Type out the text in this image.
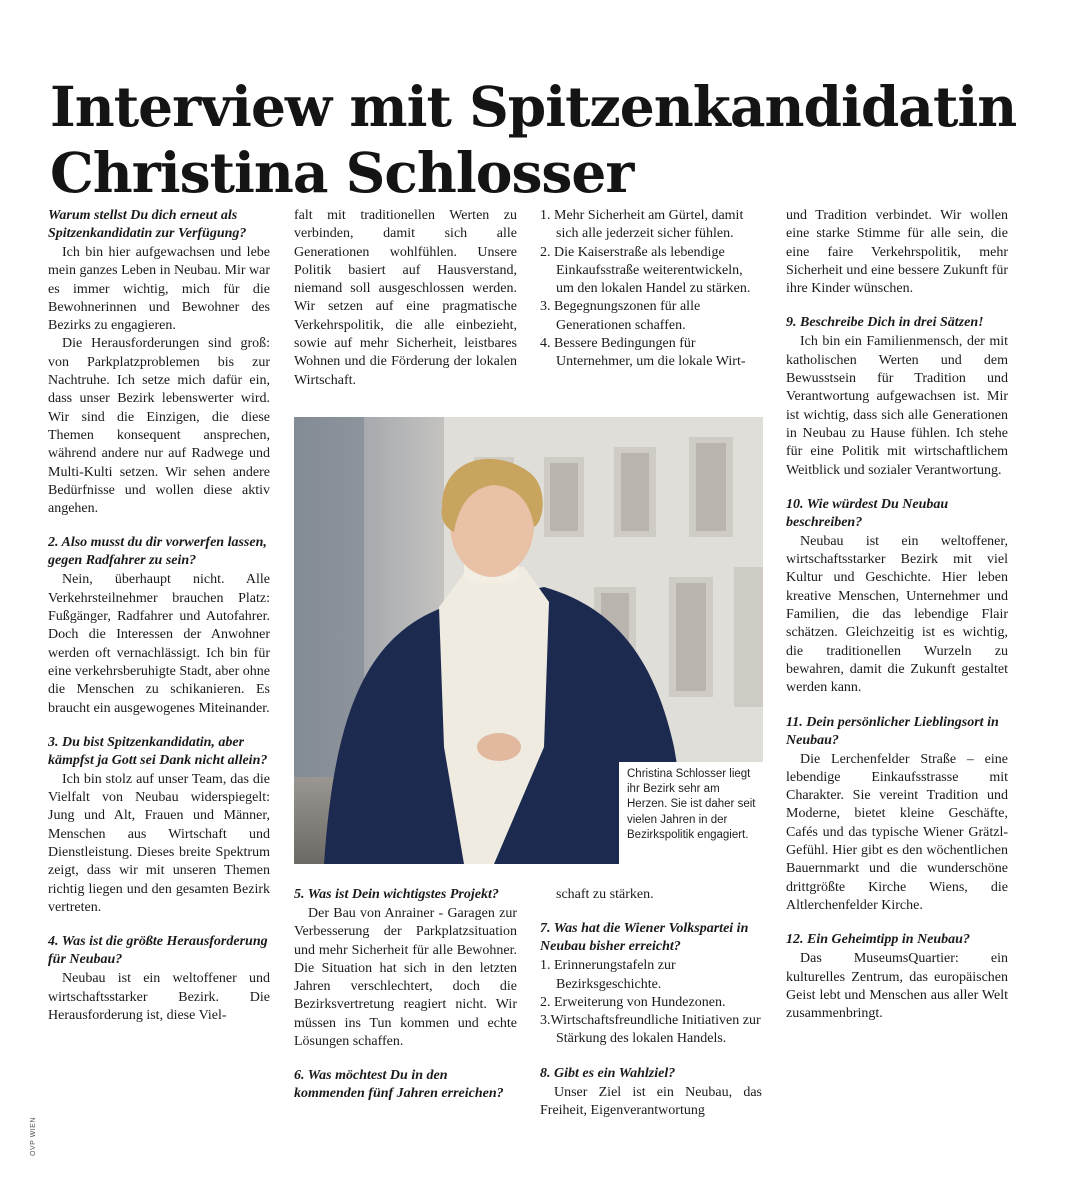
Interview mit Spitzenkandidatin Christina Schlosser
Warum stellst Du dich erneut als Spitzenkandidatin zur Verfügung?

Ich bin hier aufgewachsen und lebe mein ganzes Leben in Neubau. Mir war es immer wichtig, mich für die Bewohnerinnen und Bewohner des Bezirks zu engagieren.

Die Herausforderungen sind groß: von Parkplatzproblemen bis zur Nachtruhe. Ich setze mich dafür ein, dass unser Bezirk lebenswerter wird. Wir sind die Einzigen, die diese Themen konsequent ansprechen, während andere nur auf Radwege und Multi-Kulti setzen. Wir sehen andere Bedürfnisse und wollen diese aktiv angehen.

2. Also musst du dir vorwerfen lassen, gegen Radfahrer zu sein?

Nein, überhaupt nicht. Alle Verkehrsteilnehmer brauchen Platz: Fußgänger, Radfahrer und Autofahrer. Doch die Interessen der Anwohner werden oft vernachlässigt. Ich bin für eine verkehrsberuhigte Stadt, aber ohne die Menschen zu schikanieren. Es braucht ein ausgewogenes Miteinander.

3. Du bist Spitzenkandidatin, aber kämpfst ja Gott sei Dank nicht allein?

Ich bin stolz auf unser Team, das die Vielfalt von Neubau widerspiegelt: Jung und Alt, Frauen und Männer, Menschen aus Wirtschaft und Dienstleistung. Dieses breite Spektrum zeigt, dass wir mit unseren Themen richtig liegen und den gesamten Bezirk vertreten.

4. Was ist die größte Herausforderung für Neubau?

Neubau ist ein weltoffener und wirtschaftsstarker Bezirk. Die Herausforderung ist, diese Viel-

falt mit traditionellen Werten zu verbinden, damit sich alle Generationen wohlfühlen. Unsere Politik basiert auf Hausverstand, niemand soll ausgeschlossen werden. Wir setzen auf eine pragmatische Verkehrspolitik, die alle einbezieht, sowie auf mehr Sicherheit, leistbares Wohnen und die Förderung der lokalen Wirtschaft.

1. Mehr Sicherheit am Gürtel, damit sich alle jederzeit sicher fühlen.
2. Die Kaiserstraße als lebendige Einkaufsstraße weiterentwickeln, um den lokalen Handel zu stärken.
3. Begegnungszonen für alle Generationen schaffen.
4. Bessere Bedingungen für Unternehmer, um die lokale Wirt-
Christina Schlosser liegt ihr Bezirk sehr am Herzen. Sie ist daher seit vielen Jahren in der Bezirkspolitik engagiert.
5. Was ist Dein wichtigstes Projekt?

Der Bau von Anrainer - Garagen zur Verbesserung der Parkplatzsituation und mehr Sicherheit für alle Bewohner. Die Situation hat sich in den letzten Jahren verschlechtert, doch die Bezirksvertretung reagiert nicht. Wir müssen ins Tun kommen und echte Lösungen schaffen.

6. Was möchtest Du in den kommenden fünf Jahren erreichen?

schaft zu stärken.

7. Was hat die Wiener Volkspartei in Neubau bisher erreicht?
1. Erinnerungstafeln zur Bezirksgeschichte.
2. Erweiterung von Hundezonen.
3.Wirtschaftsfreundliche Initiativen zur Stärkung des lokalen Handels.
8. Gibt es ein Wahlziel?

Unser Ziel ist ein Neubau, das Freiheit, Eigenverantwortung

und Tradition verbindet. Wir wollen eine starke Stimme für alle sein, die eine faire Verkehrspolitik, mehr Sicherheit und eine bessere Zukunft für ihre Kinder wünschen.

9. Beschreibe Dich in drei Sätzen!

Ich bin ein Familienmensch, der mit katholischen Werten und dem Bewusstsein für Tradition und Verantwortung aufgewachsen ist. Mir ist wichtig, dass sich alle Generationen in Neubau zu Hause fühlen. Ich stehe für eine Politik mit wirtschaftlichem Weitblick und sozialer Verantwortung.

10. Wie würdest Du Neubau beschreiben?

Neubau ist ein weltoffener, wirtschaftsstarker Bezirk mit viel Kultur und Geschichte. Hier leben kreative Menschen, Unternehmer und Familien, die das lebendige Flair schätzen. Gleichzeitig ist es wichtig, die traditionellen Wurzeln zu bewahren, damit die Zukunft gestaltet werden kann.

11. Dein persönlicher Lieblingsort in Neubau?

Die Lerchenfelder Straße – eine lebendige Einkaufsstrasse mit Charakter. Sie vereint Tradition und Moderne, bietet kleine Geschäfte, Cafés und das typische Wiener Grätzl-Gefühl. Hier gibt es den wöchentlichen Bauernmarkt und die wunderschöne drittgrößte Kirche Wiens, die Altlerchenfelder Kirche.

12. Ein Geheimtipp in Neubau?

Das MuseumsQuartier: ein kulturelles Zentrum, das europäischen Geist lebt und Menschen aus aller Welt zusammenbringt.

ÖVP WIEN
